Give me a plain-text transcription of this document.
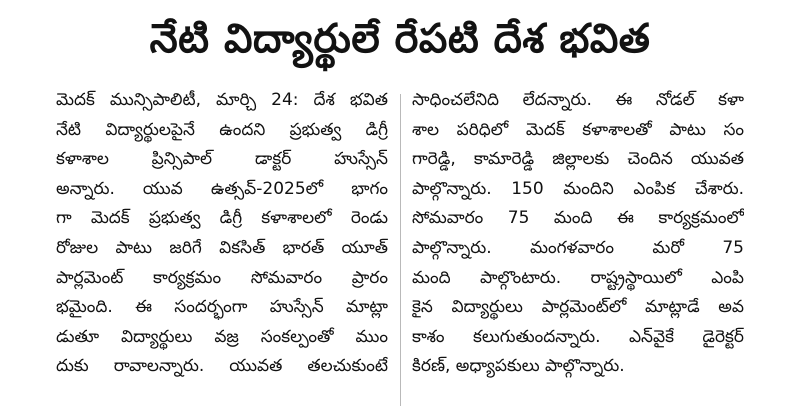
నేటి విద్యార్థులే రేపటి దేశ భవిత
మెదక్ మున్సిపాలిటీ, మార్చి 24: దేశ భవిత
నేటి విద్యార్థులపైనే ఉందని ప్రభుత్వ డిగ్రీ
కళాశాల ప్రిన్సిపాల్ డాక్టర్ హుస్సేన్
అన్నారు. యువ ఉత్సవ్-2025లో భాగం
గా మెదక్ ప్రభుత్వ డిగ్రీ కళాశాలలో రెండు
రోజుల పాటు జరిగే వికసిత్ భారత్ యూత్
పార్లమెంట్ కార్యక్రమం సోమవారం ప్రారం
భమైంది. ఈ సందర్భంగా హుస్సేన్ మాట్లా
డుతూ విద్యార్థులు వజ్ర సంకల్పంతో ముం
దుకు రావాలన్నారు. యువత తలచుకుంటే
సాధించలేనిది లేదన్నారు. ఈ నోడల్ కళా
శాల పరిధిలో మెదక్ కళాశాలతో పాటు సం
గారెడ్డి, కామారెడ్డి జిల్లాలకు చెందిన యువత
పాల్గొన్నారు. 150 మందిని ఎంపిక చేశారు.
సోమవారం 75 మంది ఈ కార్యక్రమంలో
పాల్గొన్నారు. మంగళవారం మరో 75
మంది పాల్గొంటారు. రాష్ట్రస్థాయిలో ఎంపి
కైన విద్యార్థులు పార్లమెంట్‌లో మాట్లాడే అవ
కాశం కలుగుతుందన్నారు. ఎన్‌వైకే డైరెక్టర్
కిరణ్, అధ్యాపకులు పాల్గొన్నారు.
